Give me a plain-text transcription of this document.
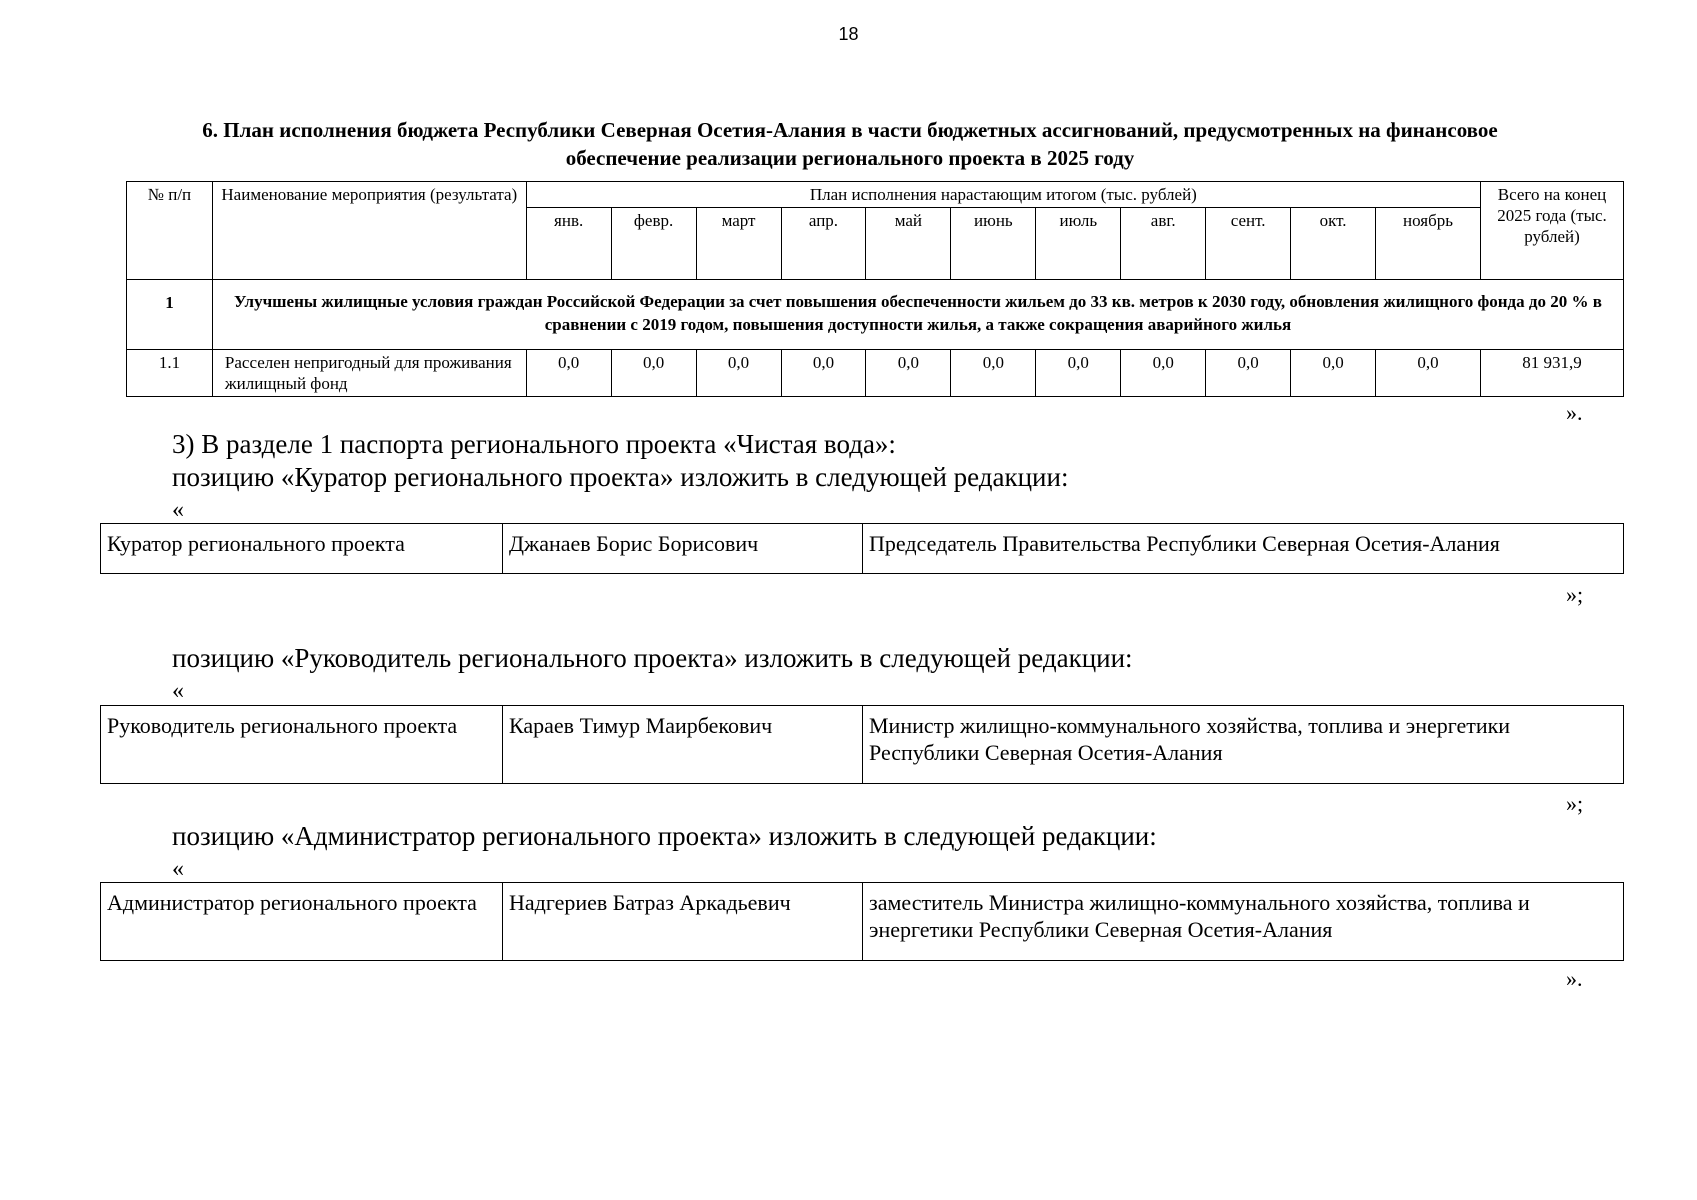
18
6. План исполнения бюджета Республики Северная Осетия-Алания в части бюджетных ассигнований, предусмотренных на финансовое обеспечение реализации регионального проекта в 2025 году
№ п/п	Наименование мероприятия (результата)	План исполнения нарастающим итогом (тыс. рублей)											Всего на конец 2025 года (тыс. рублей)
		янв.	февр.	март	апр.	май	июнь	июль	авг.	сент.	окт.	ноябрь	
1	Улучшены жилищные условия граждан Российской Федерации за счет повышения обеспеченности жильем до 33 кв. метров к 2030 году, обновления жилищного фонда до 20 % в сравнении с 2019 годом, повышения доступности жилья, а также сокращения аварийного жилья												
1.1	Расселен непригодный для проживания жилищный фонд	0,0	0,0	0,0	0,0	0,0	0,0	0,0	0,0	0,0	0,0	0,0	81 931,9
».
3) В разделе 1 паспорта регионального проекта «Чистая вода»:
позицию «Куратор регионального проекта» изложить в следующей редакции:
«
Куратор регионального проекта	Джанаев Борис Борисович	Председатель Правительства Республики Северная Осетия-Алания
»;
позицию «Руководитель регионального проекта» изложить в следующей редакции:
«
Руководитель регионального проекта	Караев Тимур Маирбекович	Министр жилищно-коммунального хозяйства, топлива и энергетики Республики Северная Осетия-Алания
»;
позицию «Администратор регионального проекта» изложить в следующей редакции:
«
Администратор регионального проекта	Надгериев Батраз Аркадьевич	заместитель Министра жилищно-коммунального хозяйства, топлива и энергетики Республики Северная Осетия-Алания
».
